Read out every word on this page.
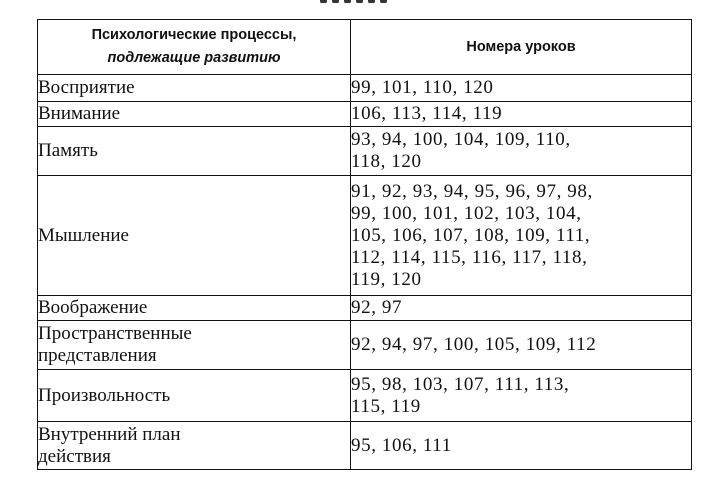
Психологические процессы,
подлежащие развитию	Номера уроков
Восприятие	99, 101, 110, 120
Внимание	106, 113, 114, 119
Память	93, 94, 100, 104, 109, 110,
118, 120

Мышление	91, 92, 93, 94, 95, 96, 97, 98,
99, 100, 101, 102, 103, 104,
105, 106, 107, 108, 109, 111,
112, 114, 115, 116, 117, 118,
119, 120

Воображение	92, 97

Пространственные
представления	92, 94, 97, 100, 105, 109, 112
Произвольность	95, 98, 103, 107, 111, 113,
115, 119

Внутренний план
действия	95, 106, 111
